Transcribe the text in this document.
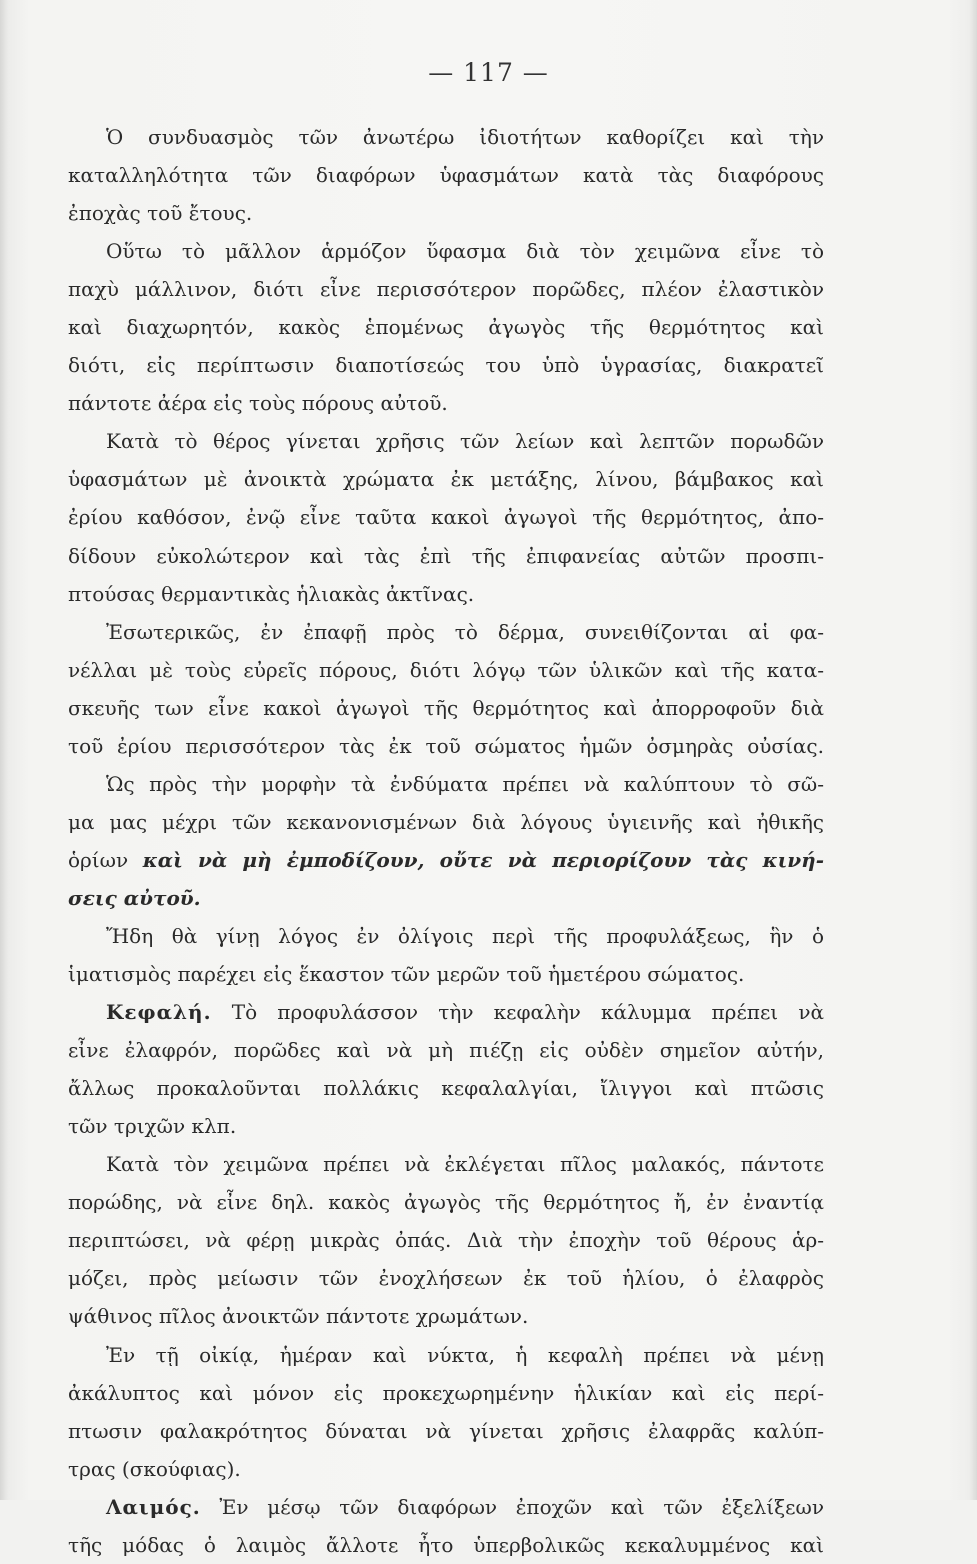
— 117 —
Ὁ συνδυασμὸς τῶν ἀνωτέρω ἰδιοτήτων καθορίζει καὶ τὴν
καταλληλότητα τῶν διαφόρων ὑφασμάτων κατὰ τὰς διαφόρους
ἐποχὰς τοῦ ἔτους.
Οὕτω τὸ μᾶλλον ἁρμόζον ὕφασμα διὰ τὸν χειμῶνα εἶνε τὸ
παχὺ μάλλινον, διότι εἶνε περισσότερον πορῶδες, πλέον ἐλαστικὸν
καὶ διαχωρητόν, κακὸς ἑπομένως ἀγωγὸς τῆς θερμότητος καὶ
διότι, εἰς περίπτωσιν διαποτίσεώς του ὑπὸ ὑγρασίας, διακρατεῖ
πάντοτε ἀέρα εἰς τοὺς πόρους αὐτοῦ.
Κατὰ τὸ θέρος γίνεται χρῆσις τῶν λείων καὶ λεπτῶν πορωδῶν
ὑφασμάτων μὲ ἀνοικτὰ χρώματα ἐκ μετάξης, λίνου, βάμβακος καὶ
ἐρίου καθόσον, ἐνῷ εἶνε ταῦτα κακοὶ ἀγωγοὶ τῆς θερμότητος, ἀπο-
δίδουν εὐκολώτερον καὶ τὰς ἐπὶ τῆς ἐπιφανείας αὐτῶν προσπι-
πτούσας θερμαντικὰς ἡλιακὰς ἀκτῖνας.
Ἐσωτερικῶς, ἐν ἐπαφῇ πρὸς τὸ δέρμα, συνειθίζονται αἱ φα-
νέλλαι μὲ τοὺς εὐρεῖς πόρους, διότι λόγῳ τῶν ὑλικῶν καὶ τῆς κατα-
σκευῆς των εἶνε κακοὶ ἀγωγοὶ τῆς θερμότητος καὶ ἀπορροφοῦν διὰ
τοῦ ἐρίου περισσότερον τὰς ἐκ τοῦ σώματος ἡμῶν ὀσμηρὰς οὐσίας.
Ὡς πρὸς τὴν μορφὴν τὰ ἐνδύματα πρέπει νὰ καλύπτουν τὸ σῶ-
μα μας μέχρι τῶν κεκανονισμένων διὰ λόγους ὑγιεινῆς καὶ ἠθικῆς
ὁρίων καὶ νὰ μὴ ἐμποδίζουν, οὔτε νὰ περιορίζουν τὰς κινή-
σεις αὐτοῦ.
Ἤδη θὰ γίνῃ λόγος ἐν ὀλίγοις περὶ τῆς προφυλάξεως, ἣν ὁ
ἱματισμὸς παρέχει εἰς ἕκαστον τῶν μερῶν τοῦ ἡμετέρου σώματος.
Κεφαλή. Τὸ προφυλάσσον τὴν κεφαλὴν κάλυμμα πρέπει νὰ
εἶνε ἐλαφρόν, πορῶδες καὶ νὰ μὴ πιέζῃ εἰς οὐδὲν σημεῖον αὐτήν,
ἄλλως προκαλοῦνται πολλάκις κεφαλαλγίαι, ἴλιγγοι καὶ πτῶσις
τῶν τριχῶν κλπ.
Κατὰ τὸν χειμῶνα πρέπει νὰ ἐκλέγεται πῖλος μαλακός, πάντοτε
πορώδης, νὰ εἶνε δηλ. κακὸς ἀγωγὸς τῆς θερμότητος ἤ, ἐν ἐναντίᾳ
περιπτώσει, νὰ φέρῃ μικρὰς ὀπάς. Διὰ τὴν ἐποχὴν τοῦ θέρους ἁρ-
μόζει, πρὸς μείωσιν τῶν ἐνοχλήσεων ἐκ τοῦ ἡλίου, ὁ ἐλαφρὸς
ψάθινος πῖλος ἀνοικτῶν πάντοτε χρωμάτων.
Ἐν τῇ οἰκίᾳ, ἡμέραν καὶ νύκτα, ἡ κεφαλὴ πρέπει νὰ μένῃ
ἀκάλυπτος καὶ μόνον εἰς προκεχωρημένην ἡλικίαν καὶ εἰς περί-
πτωσιν φαλακρότητος δύναται νὰ γίνεται χρῆσις ἐλαφρᾶς καλύπ-
τρας (σκούφιας).
Λαιμός. Ἐν μέσῳ τῶν διαφόρων ἐποχῶν καὶ τῶν ἐξελίξεων
τῆς μόδας ὁ λαιμὸς ἄλλοτε ἦτο ὑπερβολικῶς κεκαλυμμένος καὶ
